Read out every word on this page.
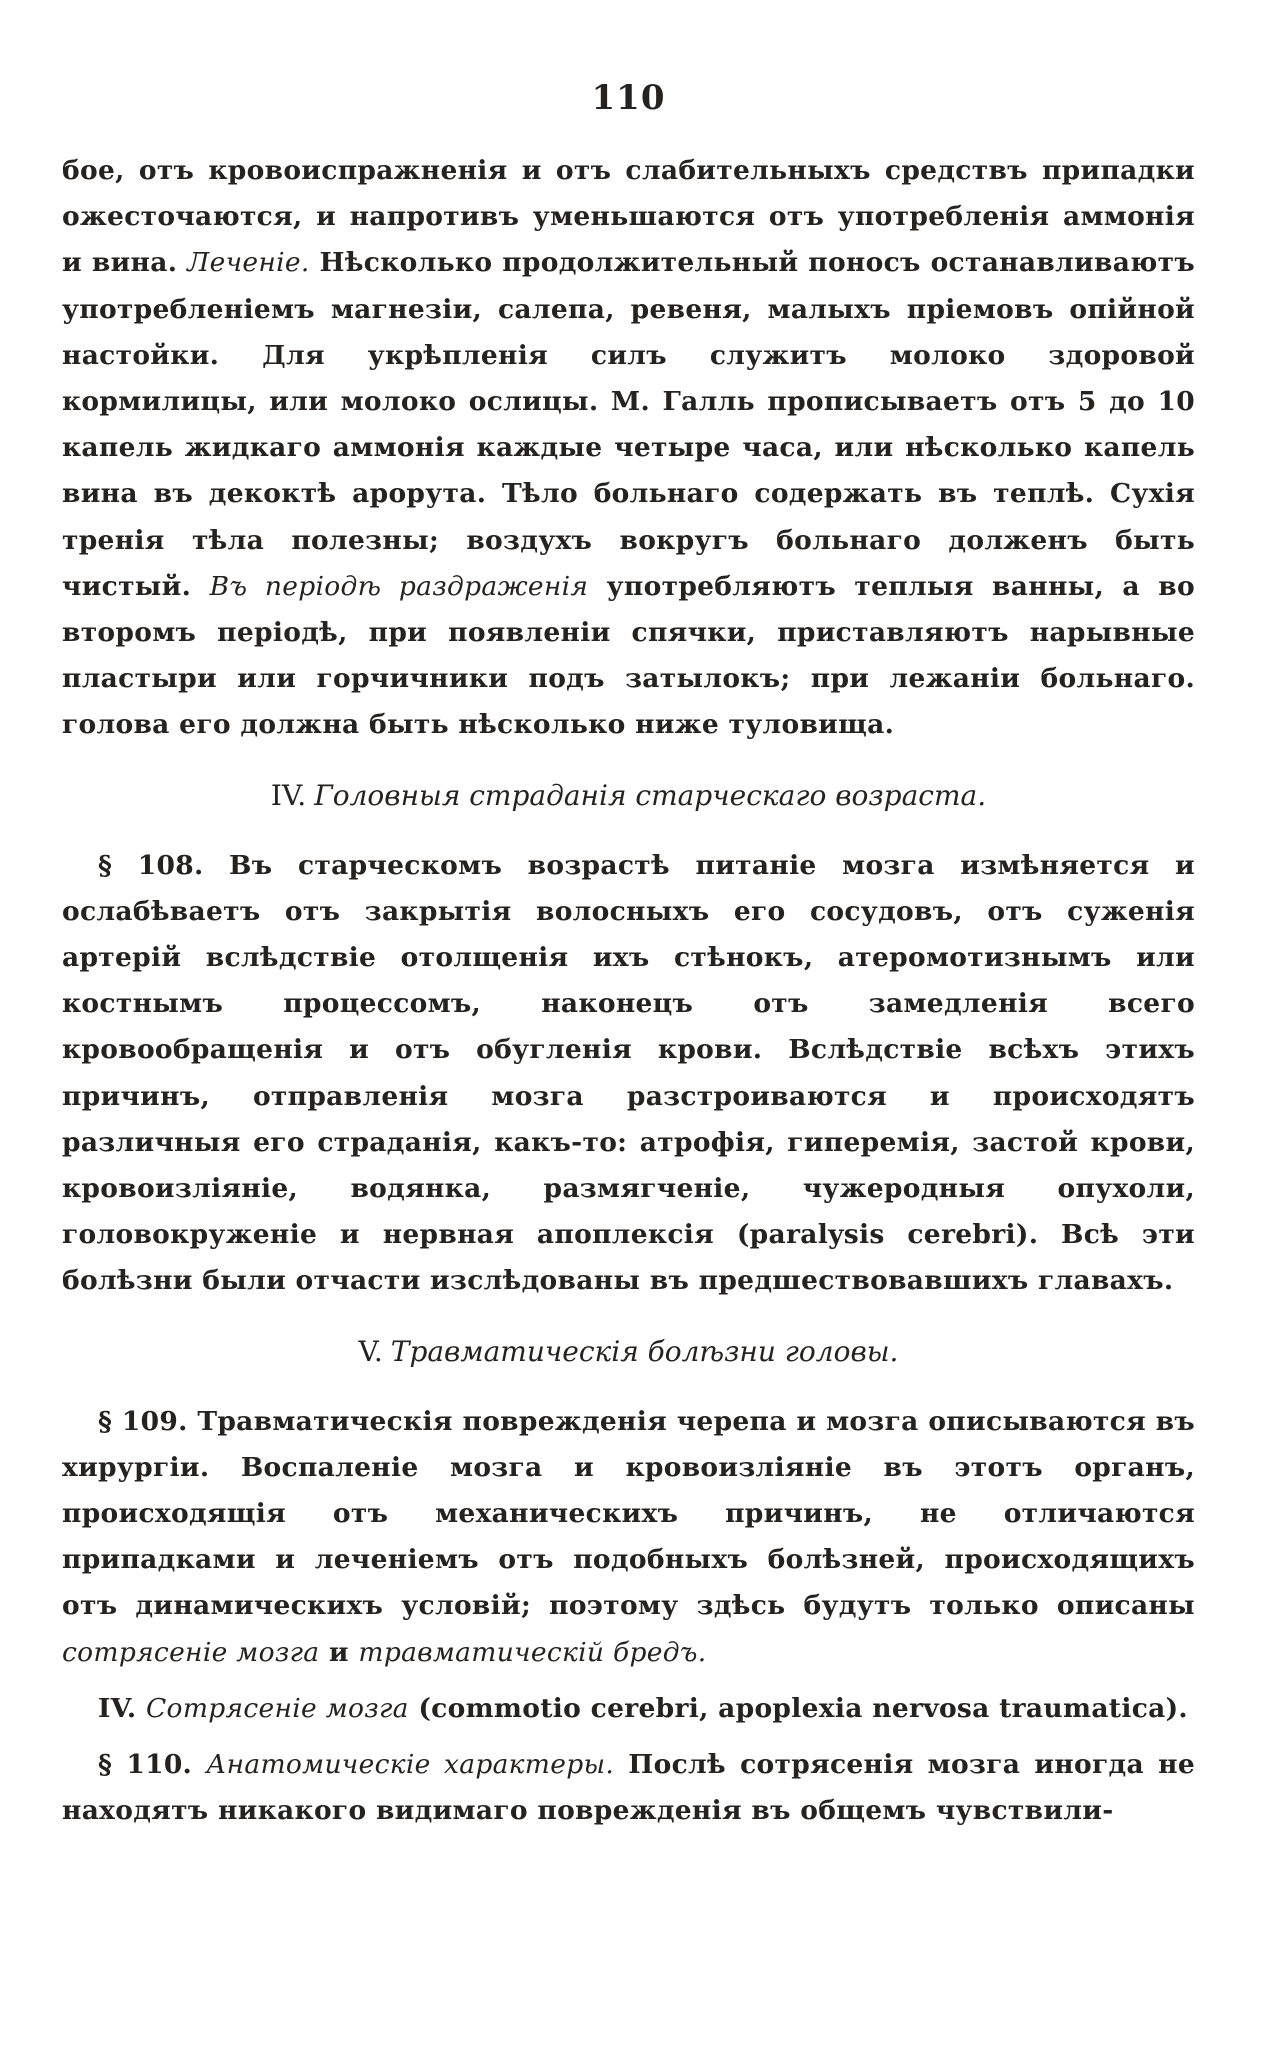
110

бое, отъ кровоиспражненія и отъ слабительныхъ средствъ припадки ожесточаются, и напротивъ уменьшаются отъ употребленія аммонія и вина. Леченіе. Нѣсколько продолжительный поносъ останавливаютъ употребленіемъ магнезіи, салепа, ревеня, малыхъ пріемовъ опійной настойки. Для укрѣпленія силъ служитъ молоко здоровой кормилицы, или молоко ослицы. М. Галль прописываетъ отъ 5 до 10 капель жидкаго аммонія каждые четыре часа, или нѣсколько капель вина въ декоктѣ арорута. Тѣло больнаго содержать въ теплѣ. Сухія тренія тѣла полезны; воздухъ вокругъ больнаго долженъ быть чистый. Въ періодѣ раздраженія употребляютъ теплыя ванны, а во второмъ періодѣ, при появленіи спячки, приставляютъ нарывные пластыри или горчичники подъ затылокъ; при лежаніи больнаго. голова его должна быть нѣсколько ниже туловища.

IV. Головныя страданія старческаго возраста.

§ 108. Въ старческомъ возрастѣ питаніе мозга измѣняется и ослабѣваетъ отъ закрытія волосныхъ его сосудовъ, отъ суженія артерій вслѣдствіе отолщенія ихъ стѣнокъ, атеромотизнымъ или костнымъ процессомъ, наконецъ отъ замедленія всего кровообращенія и отъ обугленія крови. Вслѣдствіе всѣхъ этихъ причинъ, отправленія мозга разстроиваются и происходятъ различныя его страданія, какъ-то: атрофія, гиперемія, застой крови, кровоизліяніе, водянка, размягченіе, чужеродныя опухоли, головокруженіе и нервная апоплексія (paralysis cerebri). Всѣ эти болѣзни были отчасти изслѣдованы въ предшествовавшихъ главахъ.

V. Травматическія болѣзни головы.

§ 109. Травматическія поврежденія черепа и мозга описываются въ хирургіи. Воспаленіе мозга и кровоизліяніе въ этотъ органъ, происходящія отъ механическихъ причинъ, не отличаются припадками и леченіемъ отъ подобныхъ болѣзней, происходящихъ отъ динамическихъ условій; поэтому здѣсь будутъ только описаны сотрясеніе мозга и травматическій бредъ.

IV. Сотрясеніе мозга (commotio cerebri, apoplexia nervosa traumatica).

§ 110. Анатомическіе характеры. Послѣ сотрясенія мозга иногда не находятъ никакого видимаго поврежденія въ общемъ чувствили-
